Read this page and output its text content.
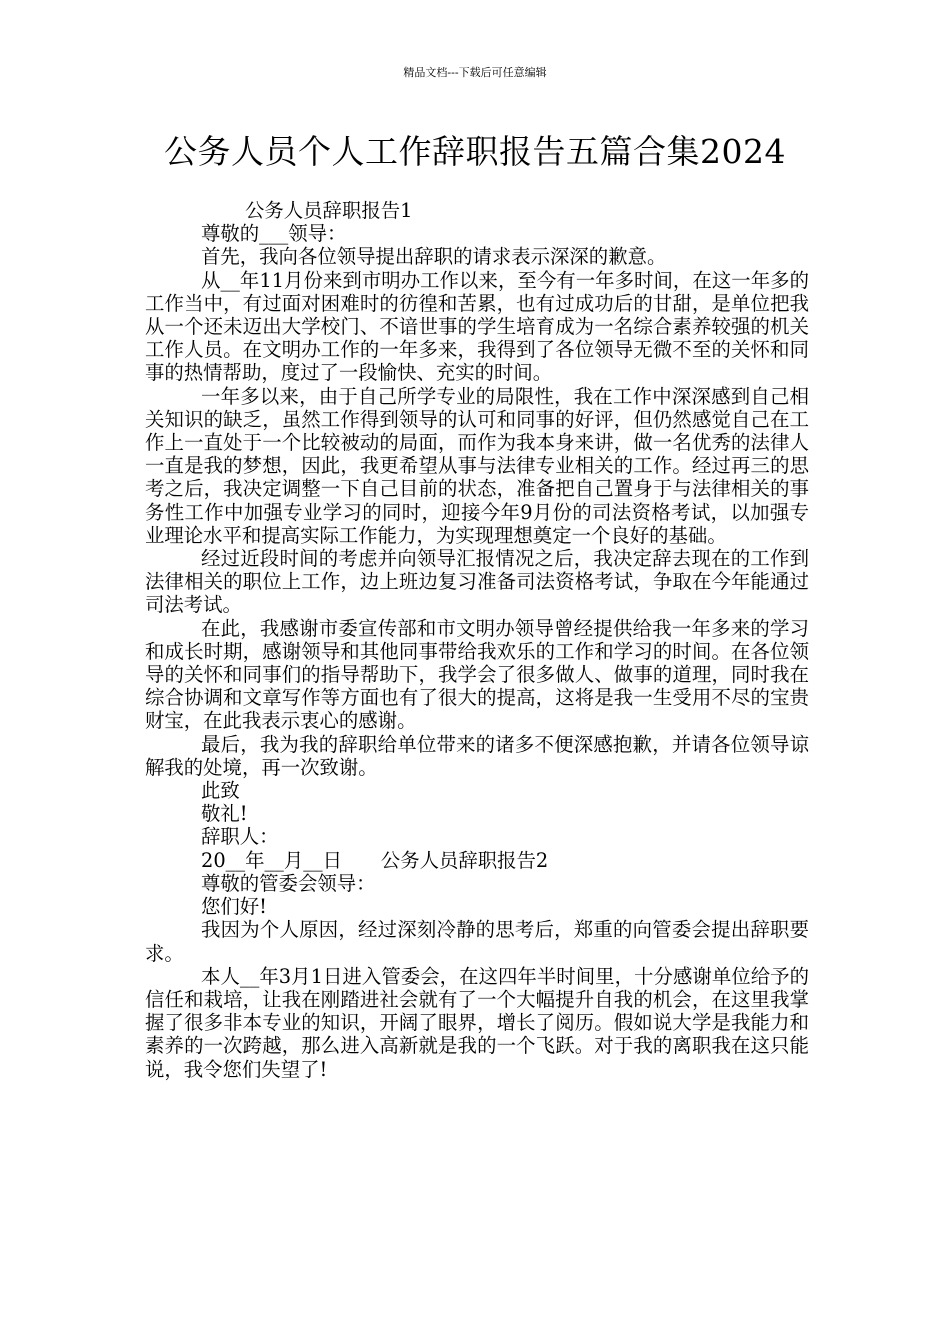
精品文档---下载后可任意编辑
公务人员个人工作辞职报告五篇合集2024

公务人员辞职报告1

尊敬的___领导：

首先，我向各位领导提出辞职的请求表示深深的歉意。

从__年11月份来到市明办工作以来，至今有一年多时间，在这一年多的工作当中，有过面对困难时的彷徨和苦累，也有过成功后的甘甜，是单位把我从一个还未迈出大学校门、不谙世事的学生培育成为一名综合素养较强的机关工作人员。在文明办工作的一年多来，我得到了各位领导无微不至的关怀和同事的热情帮助，度过了一段愉快、充实的时间。

一年多以来，由于自己所学专业的局限性，我在工作中深深感到自己相关知识的缺乏，虽然工作得到领导的认可和同事的好评，但仍然感觉自己在工作上一直处于一个比较被动的局面，而作为我本身来讲，做一名优秀的法律人一直是我的梦想，因此，我更希望从事与法律专业相关的工作。经过再三的思考之后，我决定调整一下自己目前的状态，准备把自己置身于与法律相关的事务性工作中加强专业学习的同时，迎接今年9月份的司法资格考试，以加强专业理论水平和提高实际工作能力，为实现理想奠定一个良好的基础。

经过近段时间的考虑并向领导汇报情况之后，我决定辞去现在的工作到法律相关的职位上工作，边上班边复习准备司法资格考试，争取在今年能通过司法考试。

在此，我感谢市委宣传部和市文明办领导曾经提供给我一年多来的学习和成长时期，感谢领导和其他同事带给我欢乐的工作和学习的时间。在各位领导的关怀和同事们的指导帮助下，我学会了很多做人、做事的道理，同时我在综合协调和文章写作等方面也有了很大的提高，这将是我一生受用不尽的宝贵财宝，在此我表示衷心的感谢。

最后，我为我的辞职给单位带来的诸多不便深感抱歉，并请各位领导谅解我的处境，再一次致谢。

此致

敬礼!

辞职人：

20__年__月__日　　公务人员辞职报告2

尊敬的管委会领导：

您们好!

我因为个人原因，经过深刻冷静的思考后，郑重的向管委会提出辞职要求。

本人__年3月1日进入管委会，在这四年半时间里，十分感谢单位给予的信任和栽培，让我在刚踏进社会就有了一个大幅提升自我的机会，在这里我掌握了很多非本专业的知识，开阔了眼界，增长了阅历。假如说大学是我能力和素养的一次跨越，那么进入高新就是我的一个飞跃。对于我的离职我在这只能说，我令您们失望了!
